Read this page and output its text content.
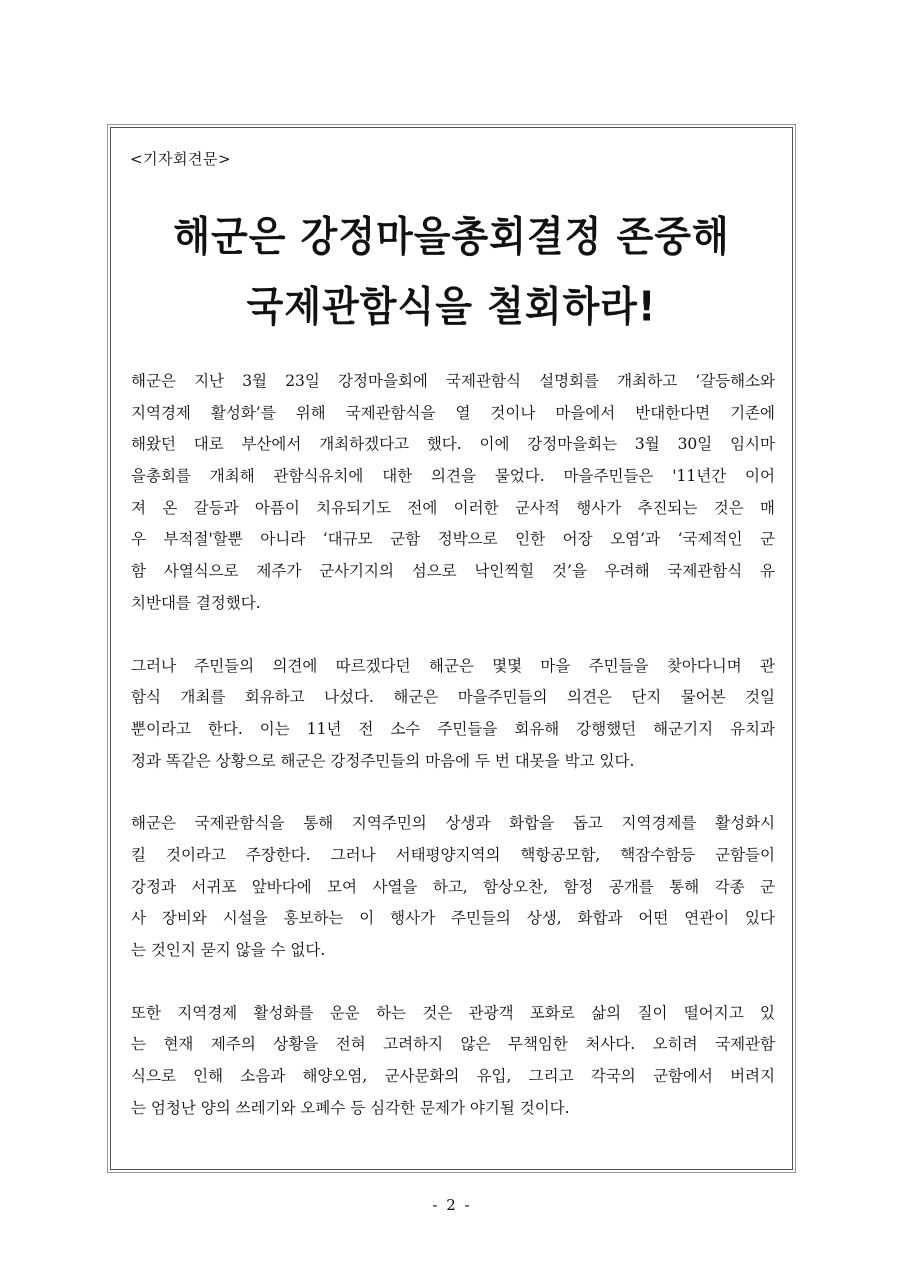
<기자회견문>
해군은 강정마을총회결정 존중해
국제관함식을 철회하라!
해군은 지난 3월 23일 강정마을회에 국제관함식 설명회를 개최하고 ‘갈등해소와
지역경제 활성화’를 위해 국제관함식을 열 것이나 마을에서 반대한다면 기존에
해왔던 대로 부산에서 개최하겠다고 했다. 이에 강정마을회는 3월 30일 임시마
을총회를 개최해 관함식유치에 대한 의견을 물었다. 마을주민들은 '11년간 이어
져 온 갈등과 아픔이 치유되기도 전에 이러한 군사적 행사가 추진되는 것은 매
우 부적절'할뿐 아니라 ‘대규모 군함 정박으로 인한 어장 오염’과 ‘국제적인 군
함 사열식으로 제주가 군사기지의 섬으로 낙인찍힐 것’을 우려해 국제관함식 유
치반대를 결정했다.
그러나 주민들의 의견에 따르겠다던 해군은 몇몇 마을 주민들을 찾아다니며 관
함식 개최를 회유하고 나섰다. 해군은 마을주민들의 의견은 단지 물어본 것일
뿐이라고 한다. 이는 11년 전 소수 주민들을 회유해 강행했던 해군기지 유치과
정과 똑같은 상황으로 해군은 강정주민들의 마음에 두 번 대못을 박고 있다.
해군은 국제관함식을 통해 지역주민의 상생과 화합을 돕고 지역경제를 활성화시
킬 것이라고 주장한다. 그러나 서태평양지역의 핵항공모함, 핵잠수함등 군함들이
강정과 서귀포 앞바다에 모여 사열을 하고, 함상오찬, 함정 공개를 통해 각종 군
사 장비와 시설을 홍보하는 이 행사가 주민들의 상생, 화합과 어떤 연관이 있다
는 것인지 묻지 않을 수 없다.
또한 지역경제 활성화를 운운 하는 것은 관광객 포화로 삶의 질이 떨어지고 있
는 현재 제주의 상황을 전혀 고려하지 않은 무책임한 처사다. 오히려 국제관함
식으로 인해 소음과 해양오염, 군사문화의 유입, 그리고 각국의 군함에서 버려지
는 엄청난 양의 쓰레기와 오폐수 등 심각한 문제가 야기될 것이다.
- 2 -
